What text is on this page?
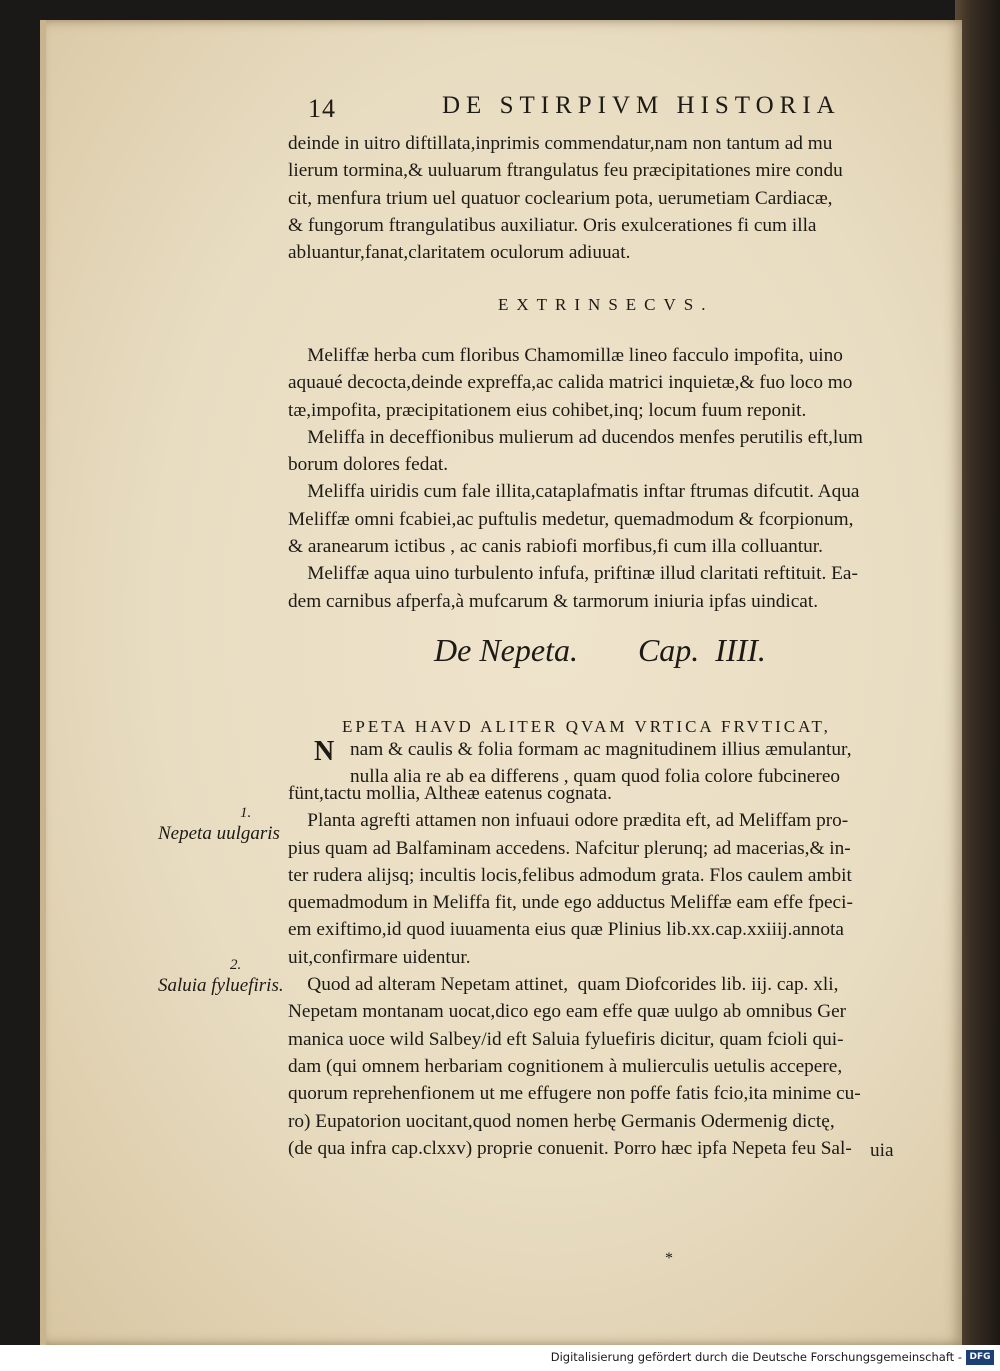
14	DE STIRPIVM HISTORIA
deinde in uitro diftillata,inprimis commendatur,nam non tantum ad mu
lierum tormina,& uuluarum ftrangulatus feu præcipitationes mire condu
cit, menfura trium uel quatuor coclearium pota, uerumetiam Cardiacæ,
& fungorum ftrangulatibus auxiliatur. Oris exulcerationes fi cum illa
abluantur,fanat,claritatem oculorum adiuuat.
EXTRINSECVS.
Meliffæ herba cum floribus Chamomillæ lineo facculo impofita, uino
aquaué decocta,deinde expreffa,ac calida matrici inquietæ,& fuo loco mo
tæ,impofita, præcipitationem eius cohibet,inq; locum fuum reponit.
Meliffa in deceffionibus mulierum ad ducendos menfes perutilis eft,lum
borum dolores fedat.
Meliffa uiridis cum fale illita,cataplafmatis inftar ftrumas difcutit. Aqua
Meliffæ omni fcabiei,ac puftulis medetur, quemadmodum & fcorpionum,
& aranearum ictibus , ac canis rabiofi morfibus,fi cum illa colluantur.
Meliffæ aqua uino turbulento infufa, priftinæ illud claritati reftituit. Ea-
dem carnibus afperfa,à mufcarum & tarmorum iniuria ipfas uindicat.
De Nepeta. Cap.  IIII.
EPETA HAVD ALITER QVAM VRTICA FRVTICAT,
N nam & caulis & folia formam ac magnitudinem illius æmulantur,
nulla alia re ab ea differens , quam quod folia colore fubcinereo
fünt,tactu mollia, Altheæ eatenus cognata.
Planta agrefti attamen non infuaui odore prædita eft, ad Meliffam pro-
pius quam ad Balfaminam accedens. Nafcitur plerunq; ad macerias,& in-
ter rudera alijsq; incultis locis,felibus admodum grata. Flos caulem ambit
quemadmodum in Meliffa fit, unde ego adductus Meliffæ eam effe fpeci-
em exiftimo,id quod iuuamenta eius quæ Plinius lib.xx.cap.xxiiij.annota
uit,confirmare uidentur.
Quod ad alteram Nepetam attinet,  quam Diofcorides lib. iij. cap. xli,
Nepetam montanam uocat,dico ego eam effe quæ uulgo ab omnibus Ger
manica uoce wild Salbey/id eft Saluia fyluefiris dicitur, quam fcioli qui-
dam (qui omnem herbariam cognitionem à mulierculis uetulis accepere,
quorum reprehenfionem ut me effugere non poffe fatis fcio,ita minime cu-
ro) Eupatorion uocitant,quod nomen herbę Germanis Odermenig dictę,
(de qua infra cap.clxxv) proprie conuenit. Porro hæc ipfa Nepeta feu Sal- uia
1.
Nepeta uulgaris
2.
Saluia fyluefiris.
*
Digitalisierung gefördert durch die Deutsche Forschungsgemeinschaft - DFG
